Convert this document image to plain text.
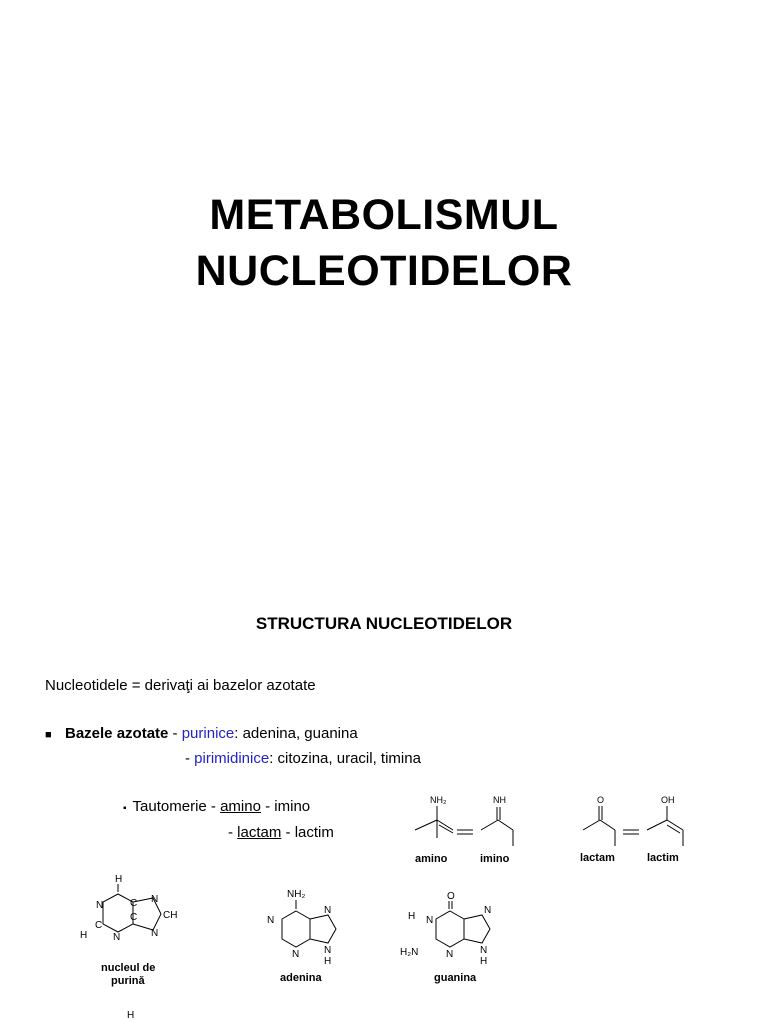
METABOLISMUL
NUCLEOTIDELOR
STRUCTURA NUCLEOTIDELOR
Nucleotidele = derivaţi ai bazelor azotate
■ Bazele azotate - purinice: adenina, guanina
- pirimidinice: citozina, uracil, timina
▪ Tautomerie - amino - imino
- lactam - lactim
NH₂	NH
amino	imino
O	OH
lactam	lactim
H
N
C
N
C
C N
CH
N
H
nucleul de
purină
NH₂
N
N
N
N
H
adenina
O
H N
H₂N	N
N
N
H
guanina
H
